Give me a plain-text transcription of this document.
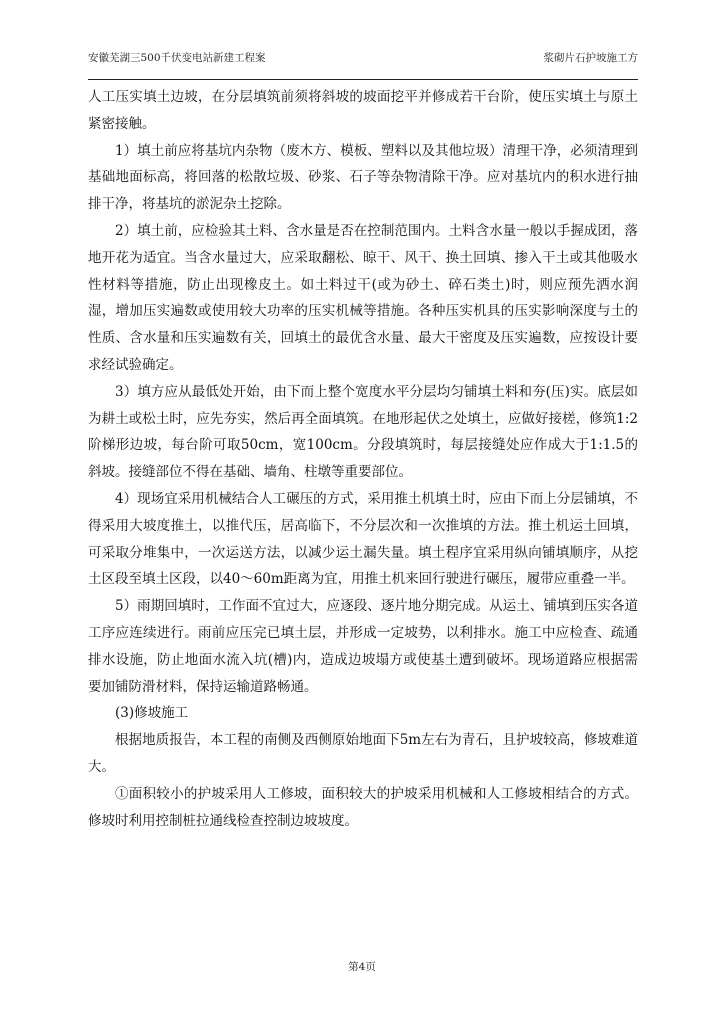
安徽芜湖三500千伏变电站新建工程案	浆砌片石护坡施工方

人工压实填土边坡，在分层填筑前须将斜坡的坡面挖平并修成若干台阶，使压实填土与原土紧密接触。

1）填土前应将基坑内杂物（废木方、模板、塑料以及其他垃圾）清理干净，必须清理到基础地面标高，将回落的松散垃圾、砂浆、石子等杂物清除干净。应对基坑内的积水进行抽排干净，将基坑的淤泥杂土挖除。

2）填土前，应检验其土料、含水量是否在控制范围内。土料含水量一般以手握成团，落地开花为适宜。当含水量过大，应采取翻松、晾干、风干、换土回填、掺入干土或其他吸水性材料等措施，防止出现橡皮土。如土料过干(或为砂土、碎石类土)时，则应预先洒水润湿，增加压实遍数或使用较大功率的压实机械等措施。各种压实机具的压实影响深度与土的性质、含水量和压实遍数有关，回填土的最优含水量、最大干密度及压实遍数，应按设计要求经试验确定。

3）填方应从最低处开始，由下而上整个宽度水平分层均匀铺填土料和夯(压)实。底层如为耕土或松土时，应先夯实，然后再全面填筑。在地形起伏之处填土，应做好接槎，修筑1:2阶梯形边坡，每台阶可取50cm，宽100cm。分段填筑时，每层接缝处应作成大于1:1.5的斜坡。接缝部位不得在基础、墙角、柱墩等重要部位。

4）现场宜采用机械结合人工碾压的方式，采用推土机填土时，应由下而上分层铺填，不得采用大坡度推土，以推代压，居高临下，不分层次和一次推填的方法。推土机运土回填，可采取分堆集中，一次运送方法，以减少运土漏失量。填土程序宜采用纵向铺填顺序，从挖土区段至填土区段，以40～60m距离为宜，用推土机来回行驶进行碾压，履带应重叠一半。

5）雨期回填时，工作面不宜过大，应逐段、逐片地分期完成。从运土、铺填到压实各道工序应连续进行。雨前应压完已填土层，并形成一定坡势，以利排水。施工中应检查、疏通排水设施，防止地面水流入坑(槽)内，造成边坡塌方或使基土遭到破坏。现场道路应根据需要加铺防滑材料，保持运输道路畅通。

(3)修坡施工

根据地质报告，本工程的南侧及西侧原始地面下5m左右为青石，且护坡较高，修坡难道大。

①面积较小的护坡采用人工修坡，面积较大的护坡采用机械和人工修坡相结合的方式。修坡时利用控制桩拉通线检查控制边坡坡度。

第4页
